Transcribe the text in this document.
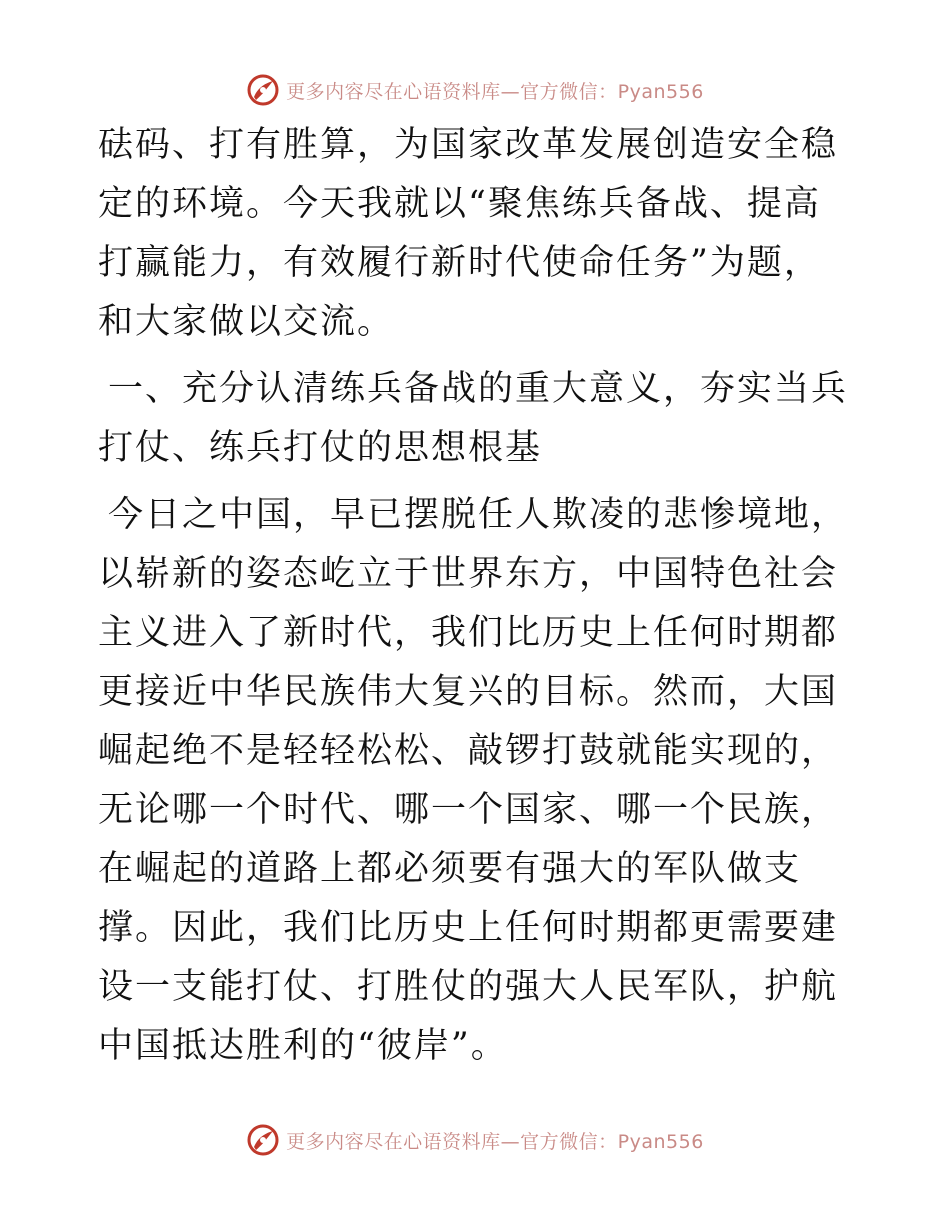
更多内容尽在心语资料库—官方微信：Pyan556

砝码、打有胜算，为国家改革发展创造安全稳定的环境。今天我就以“聚焦练兵备战、提高打赢能力，有效履行新时代使命任务”为题，和大家做以交流。

一、充分认清练兵备战的重大意义，夯实当兵打仗、练兵打仗的思想根基

今日之中国，早已摆脱任人欺凌的悲惨境地，以崭新的姿态屹立于世界东方，中国特色社会主义进入了新时代，我们比历史上任何时期都更接近中华民族伟大复兴的目标。然而，大国崛起绝不是轻轻松松、敲锣打鼓就能实现的，无论哪一个时代、哪一个国家、哪一个民族，在崛起的道路上都必须要有强大的军队做支撑。因此，我们比历史上任何时期都更需要建设一支能打仗、打胜仗的强大人民军队，护航中国抵达胜利的“彼岸”。

更多内容尽在心语资料库—官方微信：Pyan556
